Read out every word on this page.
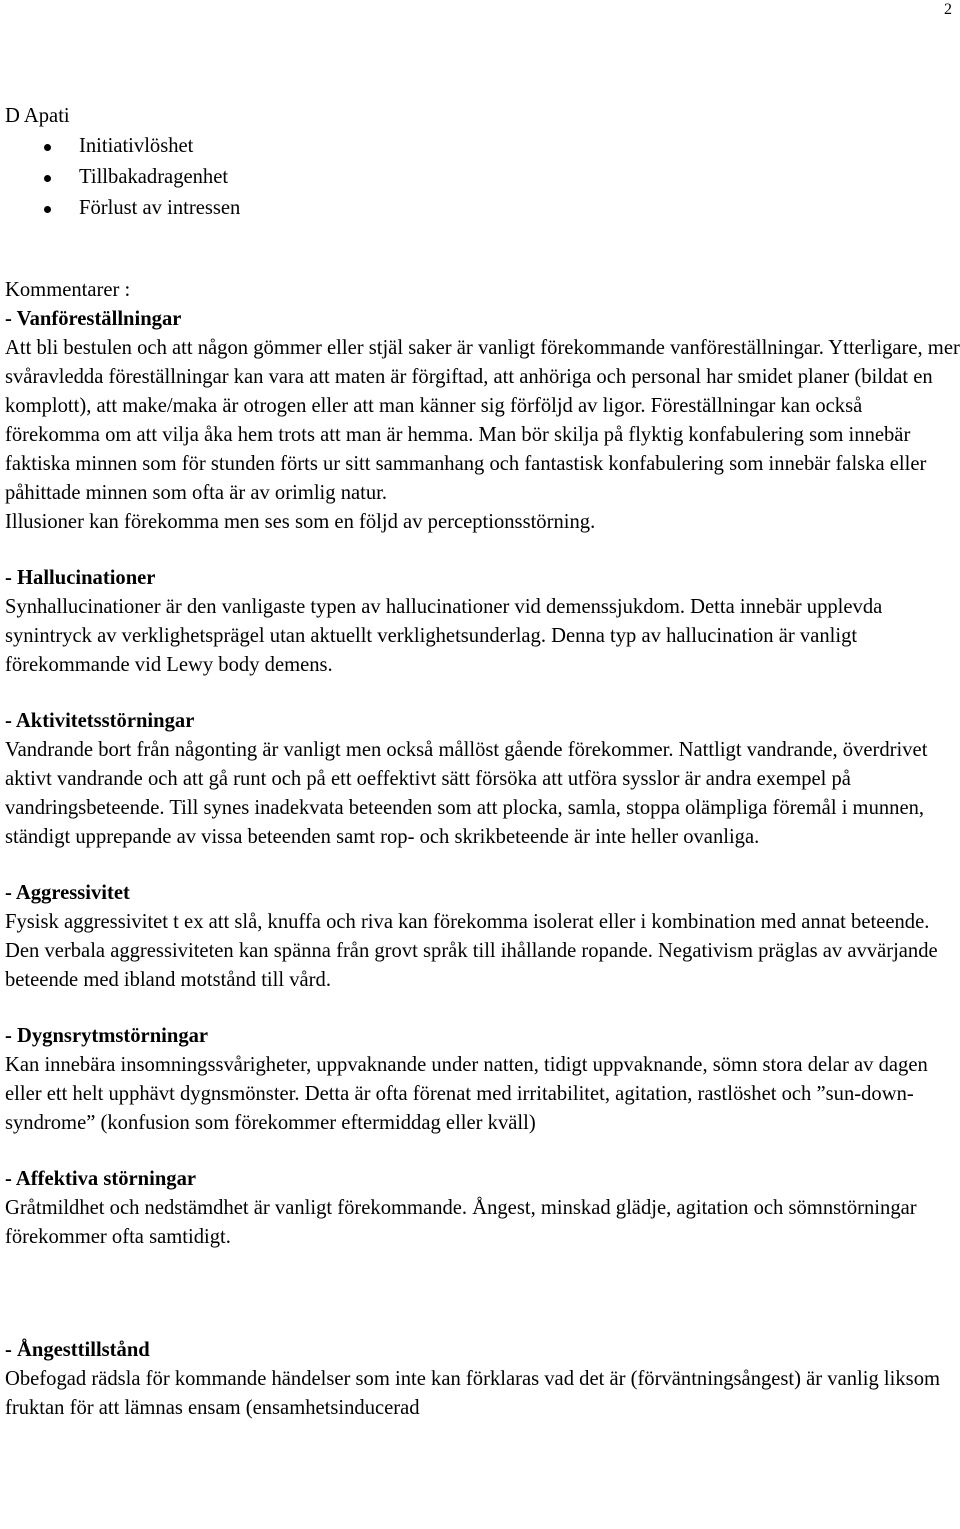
2
D Apati
Initiativlöshet
Tillbakadragenhet
Förlust av intressen
Kommentarer :
- Vanföreställningar

Att bli bestulen och att någon gömmer eller stjäl saker är vanligt förekommande vanföreställningar. Ytterligare, mer svåravledda föreställningar kan vara att maten är förgiftad, att anhöriga och personal har smidet planer (bildat en komplott), att make/maka är otrogen eller att man känner sig förföljd av ligor. Föreställningar kan också förekomma om att vilja åka hem trots att man är hemma. Man bör skilja på flyktig konfabulering som innebär faktiska minnen som för stunden förts ur sitt sammanhang och fantastisk konfabulering som innebär falska eller påhittade minnen som ofta är av orimlig natur.

Illusioner kan förekomma men ses som en följd av perceptionsstörning.

- Hallucinationer

Synhallucinationer är den vanligaste typen av hallucinationer vid demenssjukdom. Detta innebär upplevda synintryck av verklighetsprägel utan aktuellt verklighetsunderlag. Denna typ av hallucination är vanligt förekommande vid Lewy body demens.

- Aktivitetsstörningar

Vandrande bort från någonting är vanligt men också mållöst gående förekommer. Nattligt vandrande, överdrivet aktivt vandrande och att gå runt och på ett oeffektivt sätt försöka att utföra sysslor är andra exempel på vandringsbeteende. Till synes inadekvata beteenden som att plocka, samla, stoppa olämpliga föremål i munnen, ständigt upprepande av vissa beteenden samt rop- och skrikbeteende är inte heller ovanliga.

- Aggressivitet

Fysisk aggressivitet t ex att slå, knuffa och riva kan förekomma isolerat eller i kombination med annat beteende. Den verbala aggressiviteten kan spänna från grovt språk till ihållande ropande. Negativism präglas av avvärjande beteende med ibland motstånd till vård.

- Dygnsrytmstörningar

Kan innebära insomningssvårigheter, uppvaknande under natten, tidigt uppvaknande, sömn stora delar av dagen eller ett helt upphävt dygnsmönster. Detta är ofta förenat med irritabilitet, agitation, rastlöshet och ”sun-down-syndrome” (konfusion som förekommer eftermiddag eller kväll)

- Affektiva störningar

Gråtmildhet och nedstämdhet är vanligt förekommande. Ångest, minskad glädje, agitation och sömnstörningar förekommer ofta samtidigt.

- Ångesttillstånd

Obefogad rädsla för kommande händelser som inte kan förklaras vad det är (förväntningsångest) är vanlig liksom fruktan för att lämnas ensam (ensamhetsinducerad
